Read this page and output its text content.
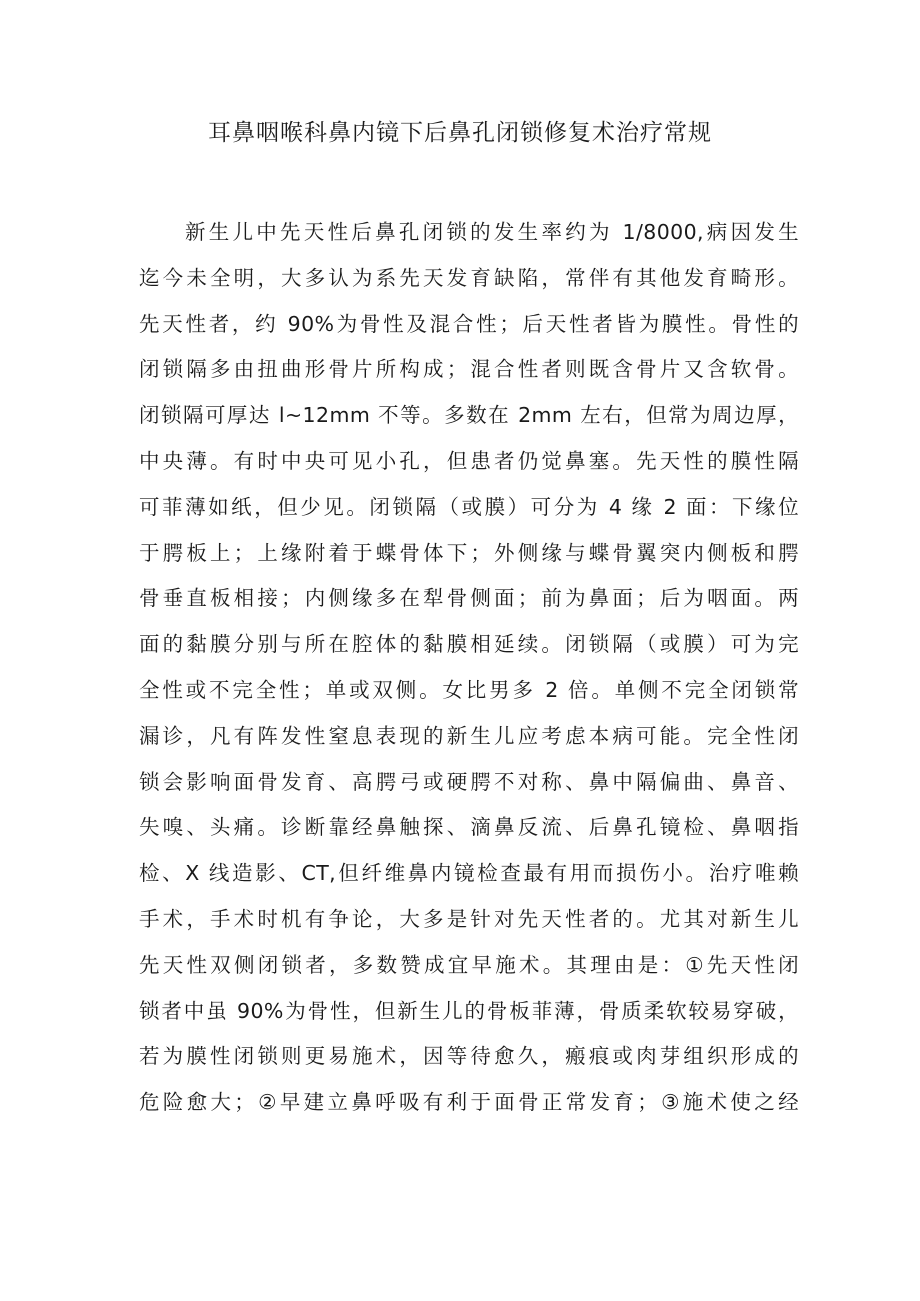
耳鼻咽喉科鼻内镜下后鼻孔闭锁修复术治疗常规
新生儿中先天性后鼻孔闭锁的发生率约为 1/8000,病因发生
迄今未全明，大多认为系先天发育缺陷，常伴有其他发育畸形。
先天性者，约 90%为骨性及混合性；后天性者皆为膜性。骨性的
闭锁隔多由扭曲形骨片所构成；混合性者则既含骨片又含软骨。
闭锁隔可厚达 l~12mm 不等。多数在 2mm 左右，但常为周边厚，
中央薄。有时中央可见小孔，但患者仍觉鼻塞。先天性的膜性隔
可菲薄如纸，但少见。闭锁隔（或膜）可分为 4 缘 2 面：下缘位
于腭板上；上缘附着于蝶骨体下；外侧缘与蝶骨翼突内侧板和腭
骨垂直板相接；内侧缘多在犁骨侧面；前为鼻面；后为咽面。两
面的黏膜分别与所在腔体的黏膜相延续。闭锁隔（或膜）可为完
全性或不完全性；单或双侧。女比男多 2 倍。单侧不完全闭锁常
漏诊，凡有阵发性窒息表现的新生儿应考虑本病可能。完全性闭
锁会影响面骨发育、高腭弓或硬腭不对称、鼻中隔偏曲、鼻音、
失嗅、头痛。诊断靠经鼻触探、滴鼻反流、后鼻孔镜检、鼻咽指
检、X 线造影、CT,但纤维鼻内镜检查最有用而损伤小。治疗唯赖
手术，手术时机有争论，大多是针对先天性者的。尤其对新生儿
先天性双侧闭锁者，多数赞成宜早施术。其理由是：①先天性闭
锁者中虽 90%为骨性，但新生儿的骨板菲薄，骨质柔软较易穿破，
若为膜性闭锁则更易施术，因等待愈久，瘢痕或肉芽组织形成的
危险愈大；②早建立鼻呼吸有利于面骨正常发育；③施术使之经
